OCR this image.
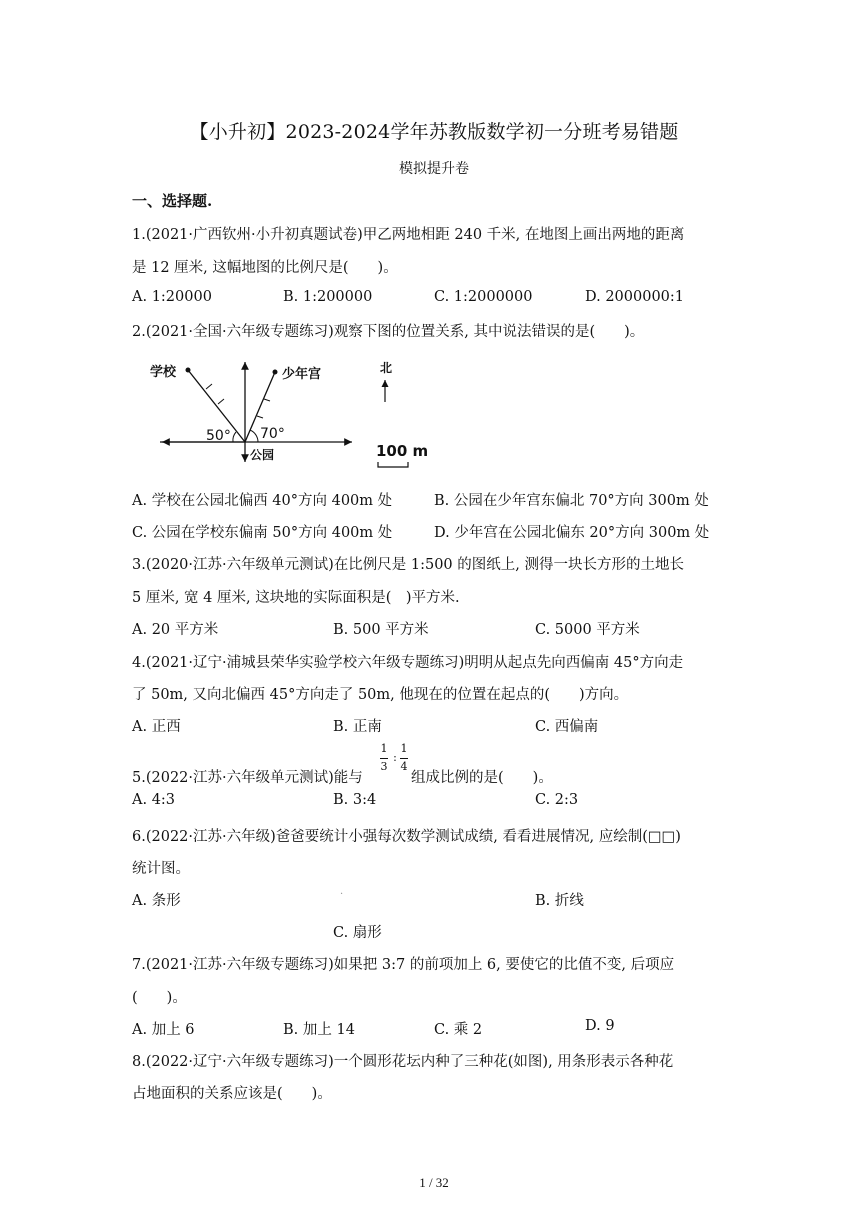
【小升初】2023-2024学年苏教版数学初一分班考易错题
模拟提升卷
一、选择题.
1.(2021·广西钦州·小升初真题试卷)甲乙两地相距 240 千米, 在地图上画出两地的距离
是 12 厘米, 这幅地图的比例尺是(　　)。
A. 1:20000	B. 1:200000	C. 1:2000000	D. 2000000:1
2.(2021·全国·六年级专题练习)观察下图的位置关系, 其中说法错误的是(　　)。
学校	少年宫
公园
50° 70°
北
100 m
A. 学校在公园北偏西 40°方向 400m 处	B. 公园在少年宫东偏北 70°方向 300m 处
C. 公园在学校东偏南 50°方向 400m 处	D. 少年宫在公园北偏东 20°方向 300m 处
3.(2020·江苏·六年级单元测试)在比例尺是 1:500 的图纸上, 测得一块长方形的土地长
5 厘米, 宽 4 厘米, 这块地的实际面积是(　)平方米.
A. 20 平方米	B. 500 平方米	C. 5000 平方米
4.(2021·辽宁·浦城县荣华实验学校六年级专题练习)明明从起点先向西偏南 45°方向走
了 50m, 又向北偏西 45°方向走了 50m, 他现在的位置在起点的(　　)方向。
A. 正西	B. 正南	C. 西偏南
5.(2022·江苏·六年级单元测试)能与
1
3
:
1
4
组成比例的是(　　)。
A. 4:3	B. 3:4	C. 2:3
6.(2022·江苏·六年级)爸爸要统计小强每次数学测试成绩, 看看进展情况, 应绘制(□□)
统计图。
A. 条形	·	B. 折线
C. 扇形
7.(2021·江苏·六年级专题练习)如果把 3:7 的前项加上 6, 要使它的比值不变, 后项应
(　　)。
A. 加上 6	B. 加上 14	C. 乘 2	D. 9
8.(2022·辽宁·六年级专题练习)一个圆形花坛内种了三种花(如图), 用条形表示各种花
占地面积的关系应该是(　　)。
1 / 32
